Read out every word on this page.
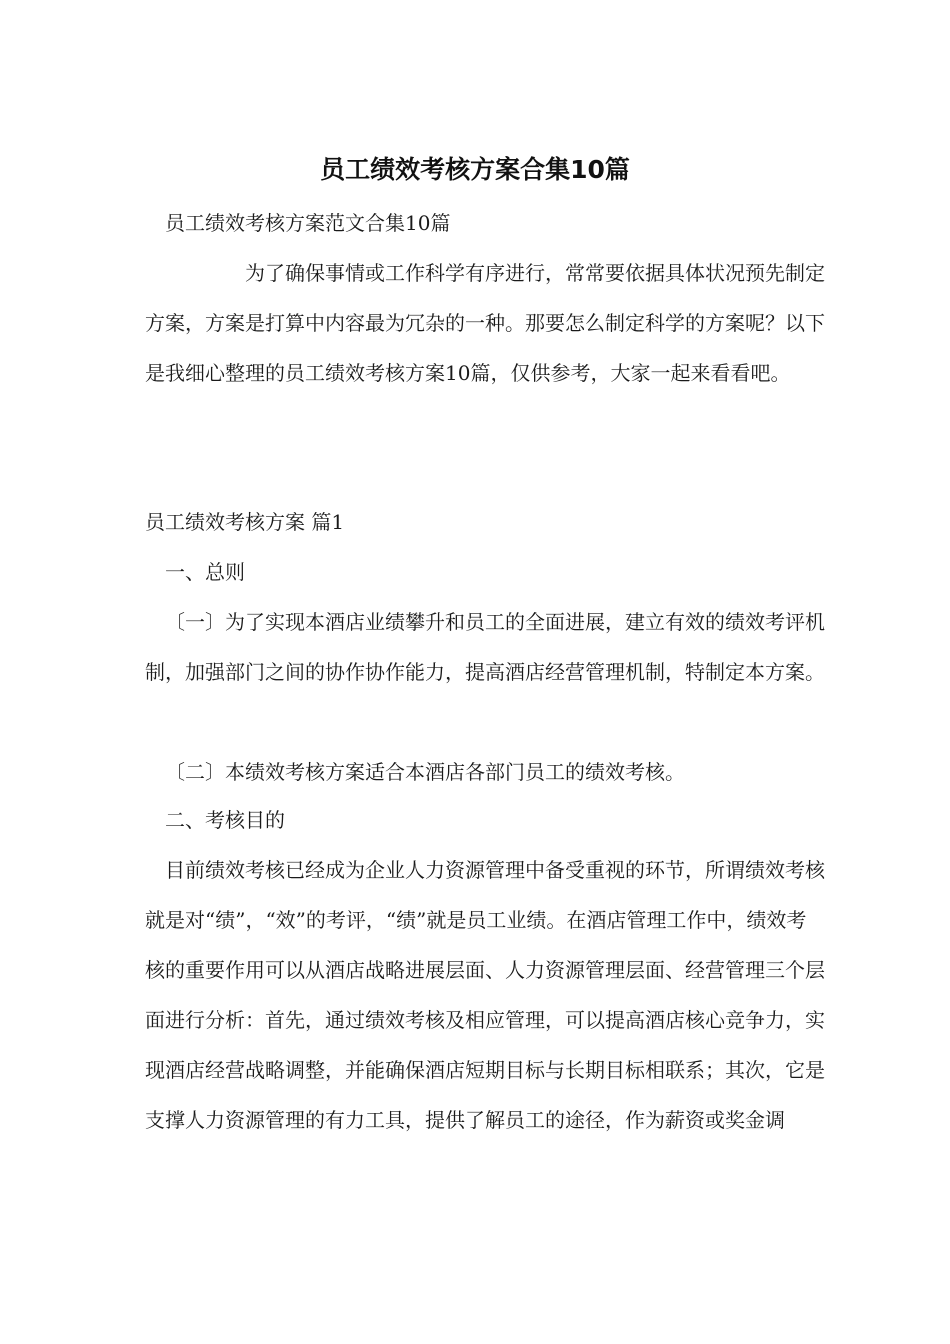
员工绩效考核方案合集10篇
员工绩效考核方案范文合集10篇

为了确保事情或工作科学有序进行，常常要依据具体状况预先制定方案，方案是打算中内容最为冗杂的一种。那要怎么制定科学的方案呢？以下是我细心整理的员工绩效考核方案10篇，仅供参考，大家一起来看看吧。

员工绩效考核方案 篇1
一、总则

〔一〕为了实现本酒店业绩攀升和员工的全面进展，建立有效的绩效考评机制，加强部门之间的协作协作能力，提高酒店经营管理机制，特制定本方案。

〔二〕本绩效考核方案适合本酒店各部门员工的绩效考核。

二、考核目的

目前绩效考核已经成为企业人力资源管理中备受重视的环节，所谓绩效考核就是对“绩”，“效”的考评，“绩”就是员工业绩。在酒店管理工作中，绩效考核的重要作用可以从酒店战略进展层面、人力资源管理层面、经营管理三个层面进行分析：首先，通过绩效考核及相应管理，可以提高酒店核心竞争力，实现酒店经营战略调整，并能确保酒店短期目标与长期目标相联系；其次，它是支撑人力资源管理的有力工具，提供了解员工的途径，作为薪资或奖金调
